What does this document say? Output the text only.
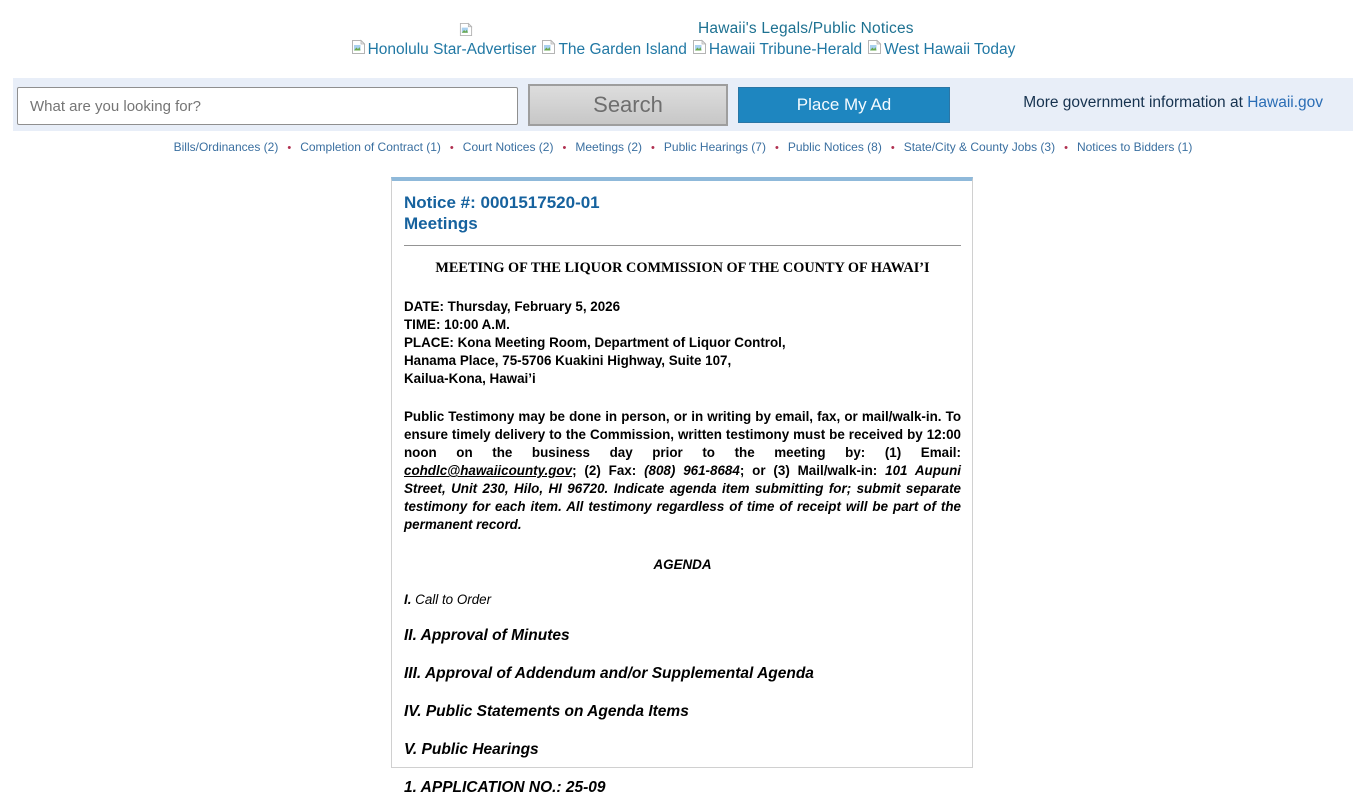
Hawaii's Legals/Public Notices
Honolulu Star-Advertiser The Garden Island Hawaii Tribune-Herald West Hawaii Today
What are you looking for?
Search	Place My Ad	More government information at Hawaii.gov
Bills/Ordinances (2) • Completion of Contract (1) • Court Notices (2) • Meetings (2) • Public Hearings (7) • Public Notices (8) • State/City & County Jobs (3) • Notices to Bidders (1)
Notice #: 0001517520-01
Meetings
MEETING OF THE LIQUOR COMMISSION OF THE COUNTY OF HAWAI’I
DATE: Thursday, February 5, 2026
TIME: 10:00 A.M.
PLACE: Kona Meeting Room, Department of Liquor Control,
Hanama Place, 75-5706 Kuakini Highway, Suite 107,
Kailua-Kona, Hawai’i
Public Testimony may be done in person, or in writing by email, fax, or mail/walk-in. To ensure timely delivery to the Commission, written testimony must be received by 12:00 noon on the business day prior to the meeting by: (1) Email: cohdlc@hawaiicounty.gov; (2) Fax: (808) 961-8684; or (3) Mail/walk-in: 101 Aupuni Street, Unit 230, Hilo, HI 96720. Indicate agenda item submitting for; submit separate testimony for each item. All testimony regardless of time of receipt will be part of the permanent record.
AGENDA
I. Call to Order
II. Approval of Minutes
III. Approval of Addendum and/or Supplemental Agenda
IV. Public Statements on Agenda Items
V. Public Hearings
1. APPLICATION NO.: 25-09
